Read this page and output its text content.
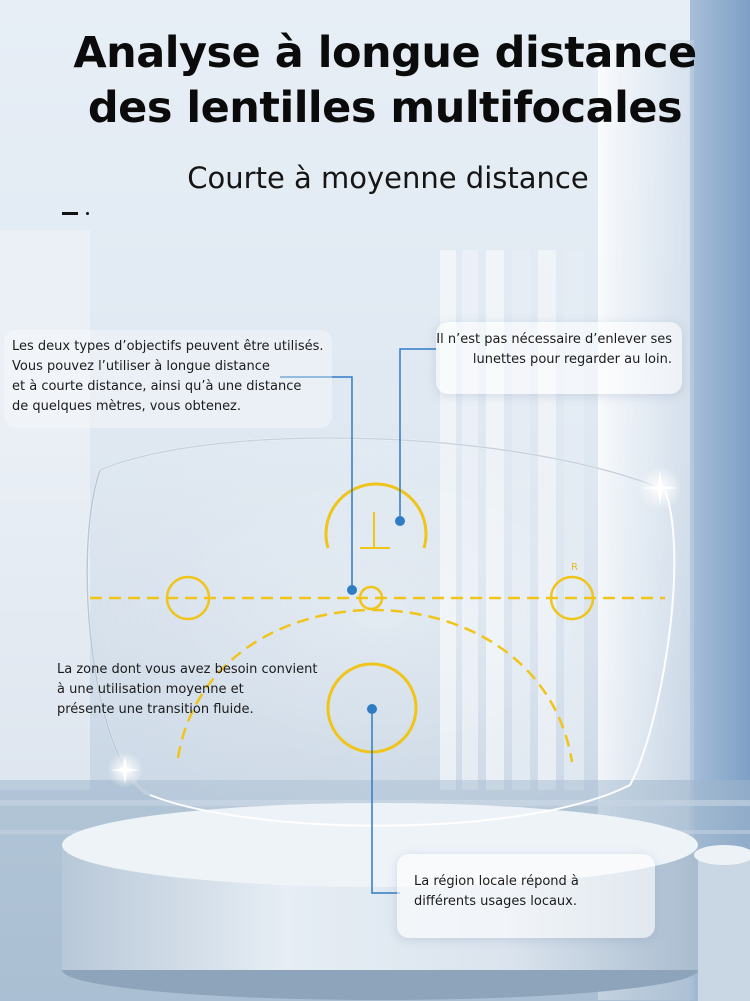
R
Analyse à longue distance
des lentilles multifocales
Courte à moyenne distance

Les deux types d’objectifs peuvent être utilisés.

Vous pouvez l’utiliser à longue distance

et à courte distance, ainsi qu’à une distance

de quelques mètres, vous obtenez.

Il n’est pas nécessaire d’enlever ses

lunettes pour regarder au loin.

La zone dont vous avez besoin convient

à une utilisation moyenne et

présente une transition fluide.

La région locale répond à

différents usages locaux.
